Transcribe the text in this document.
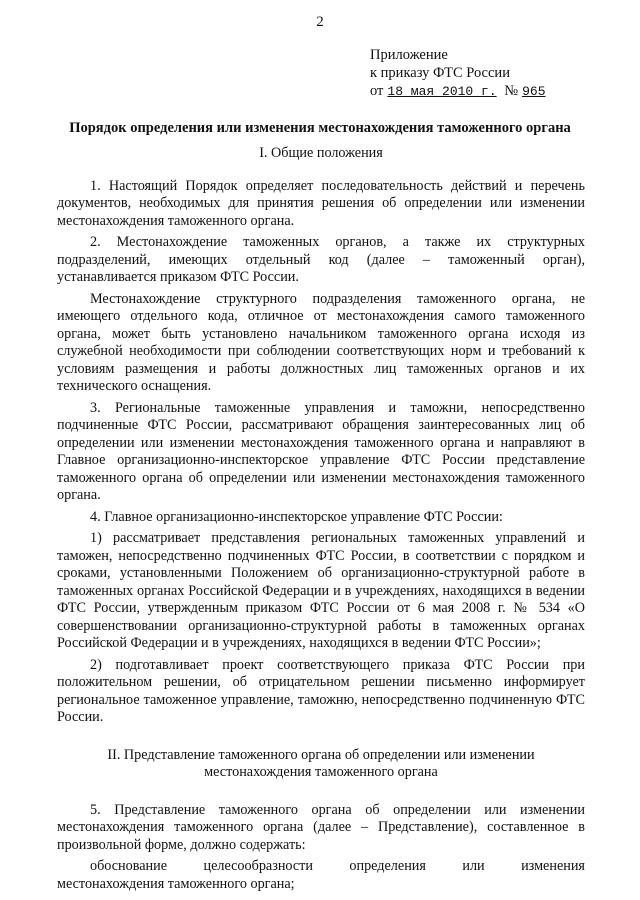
2
Приложение
к приказу ФТС России
от 18 мая 2010 г. № 965
Порядок определения или изменения местонахождения таможенного органа
I. Общие положения

1. Настоящий Порядок определяет последовательность действий и перечень документов, необходимых для принятия решения об определении или изменении местонахождения таможенного органа.

2. Местонахождение таможенных органов, а также их структурных подразделений, имеющих отдельный код (далее – таможенный орган), устанавливается приказом ФТС России.

Местонахождение структурного подразделения таможенного органа, не имеющего отдельного кода, отличное от местонахождения самого таможенного органа, может быть установлено начальником таможенного органа исходя из служебной необходимости при соблюдении соответствующих норм и требований к условиям размещения и работы должностных лиц таможенных органов и их технического оснащения.

3. Региональные таможенные управления и таможни, непосредственно подчиненные ФТС России, рассматривают обращения заинтересованных лиц об определении или изменении местонахождения таможенного органа и направляют в Главное организационно-инспекторское управление ФТС России представление таможенного органа об определении или изменении местонахождения таможенного органа.

4. Главное организационно-инспекторское управление ФТС России:

1) рассматривает представления региональных таможенных управлений и таможен, непосредственно подчиненных ФТС России, в соответствии с порядком и сроками, установленными Положением об организационно-структурной работе в таможенных органах Российской Федерации и в учреждениях, находящихся в ведении ФТС России, утвержденным приказом ФТС России от 6 мая 2008 г. № 534 «О совершенствовании организационно-структурной работы в таможенных органах Российской Федерации и в учреждениях, находящихся в ведении ФТС России»;

2) подготавливает проект соответствующего приказа ФТС России при положительном решении, об отрицательном решении письменно информирует региональное таможенное управление, таможню, непосредственно подчиненную ФТС России.

II. Представление таможенного органа об определении или изменении
местонахождения таможенного органа

5. Представление таможенного органа об определении или изменении местонахождения таможенного органа (далее – Представление), составленное в произвольной форме, должно содержать:

обоснование	целесообразности	определения	или	изменения

местонахождения таможенного органа;
